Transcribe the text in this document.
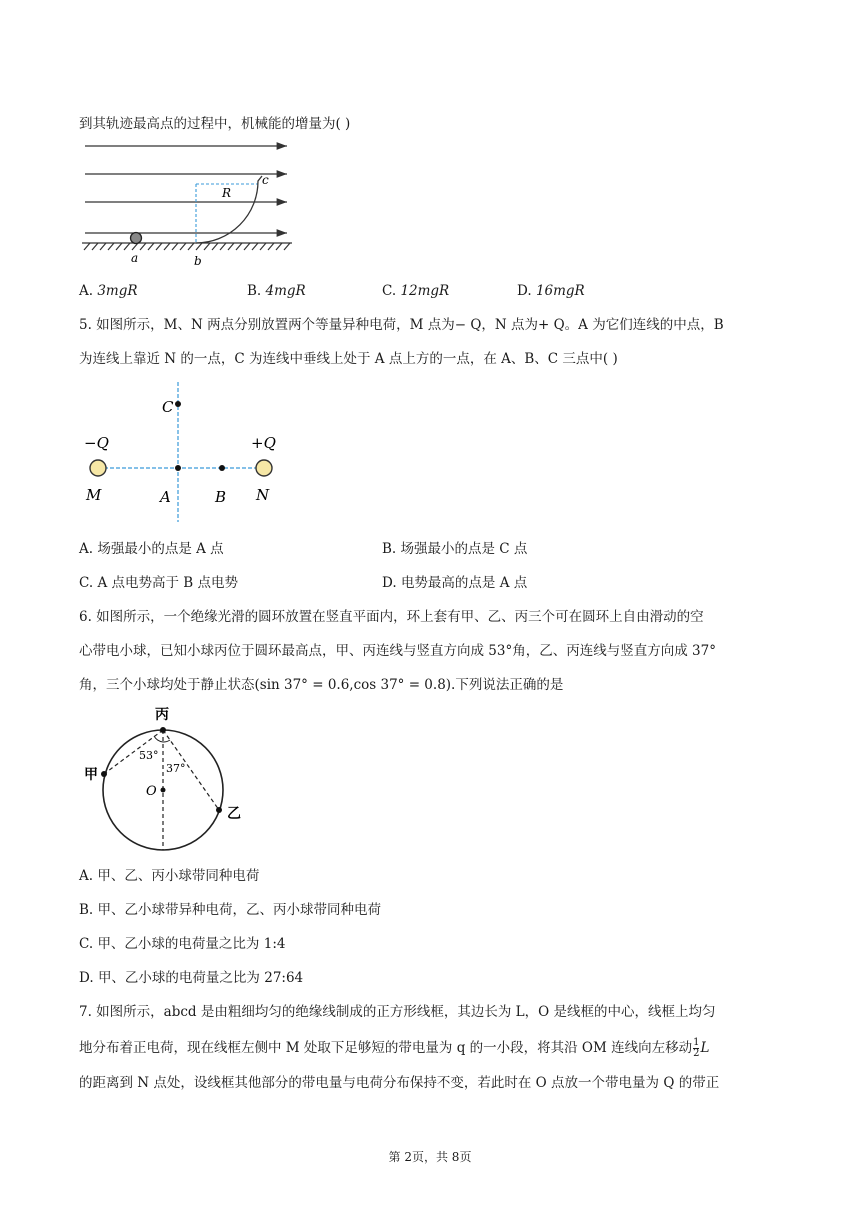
到其轨迹最高点的过程中，机械能的增量为( )
a	b
c
R
A. 3mgR	B. 4mgR	C. 12mgR	D. 16mgR
5. 如图所示，M、N 两点分别放置两个等量异种电荷，M 点为− Q，N 点为+ Q。A 为它们连线的中点，B
为连线上靠近 N 的一点，C 为连线中垂线上处于 A 点上方的一点，在 A、B、C 三点中( )
C
−Q	+Q
M	A	B N
A. 场强最小的点是 A 点	B. 场强最小的点是 C 点
C. A 点电势高于 B 点电势	D. 电势最高的点是 A 点
6. 如图所示，一个绝缘光滑的圆环放置在竖直平面内，环上套有甲、乙、丙三个可在圆环上自由滑动的空
心带电小球，已知小球丙位于圆环最高点，甲、丙连线与竖直方向成 53°角，乙、丙连线与竖直方向成 37°
角，三个小球均处于静止状态(sin 37° = 0.6,cos 37° = 0.8).下列说法正确的是
丙
甲
乙
O
53°
37°
A. 甲、乙、丙小球带同种电荷
B. 甲、乙小球带异种电荷，乙、丙小球带同种电荷
C. 甲、乙小球的电荷量之比为 1:4
D. 甲、乙小球的电荷量之比为 27:64
7. 如图所示，abcd 是由粗细均匀的绝缘线制成的正方形线框，其边长为 L，O 是线框的中心，线框上均匀
地分布着正电荷，现在线框左侧中 M 处取下足够短的带电量为 q 的一小段，将其沿 OM 连线向左移动 $\frac{1}{2}$ L
的距离到 N 点处，设线框其他部分的带电量与电荷分布保持不变，若此时在 O 点放一个带电量为 Q 的带正
第 2页，共 8页
